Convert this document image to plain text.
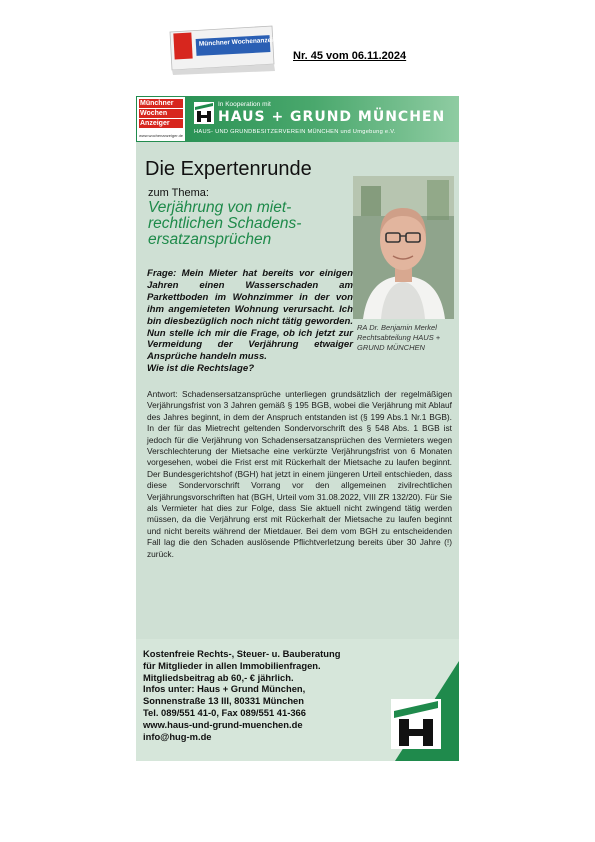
Münchner Wochenanzeiger
Nr. 45 vom 06.11.2024
Münchner
Wochen
Anzeiger
www.wochenanzeiger.de
In Kooperation mit
HAUS + GRUND MÜNCHEN
HAUS- UND GRUNDBESITZERVEREIN MÜNCHEN und Umgebung e.V.
Die Expertenrunde
zum Thema:
Verjährung von miet-rechtlichen Schadens-ersatzansprüchen
RA Dr. Benjamin Merkel Rechtsabteilung HAUS + GRUND MÜNCHEN
Frage: Mein Mieter hat bereits vor einigen Jahren einen Wasserschaden am Parkettboden im Wohnzimmer in der von ihm angemieteten Wohnung verursacht. Ich bin diesbezüglich noch nicht tätig geworden. Nun stelle ich mir die Frage, ob ich jetzt zur Vermeidung der Verjährung etwaiger Ansprüche handeln muss.
Wie ist die Rechtslage?
Antwort: Schadensersatzansprüche unterliegen grundsätzlich der regelmäßigen Verjährungsfrist von 3 Jahren gemäß § 195 BGB, wobei die Verjährung mit Ablauf des Jahres beginnt, in dem der Anspruch entstanden ist (§ 199 Abs.1 Nr.1 BGB). In der für das Mietrecht geltenden Sondervorschrift des § 548 Abs. 1 BGB ist jedoch für die Verjährung von Schadensersatzansprüchen des Vermieters wegen Verschlechterung der Mietsache eine verkürzte Verjährungsfrist von 6 Monaten vorgesehen, wobei die Frist erst mit Rückerhalt der Mietsache zu laufen beginnt. Der Bundesgerichtshof (BGH) hat jetzt in einem jüngeren Urteil entschieden, dass diese Sondervorschrift Vorrang vor den allgemeinen zivilrechtlichen Verjährungsvorschriften hat (BGH, Urteil vom 31.08.2022, VIII ZR 132/20). Für Sie als Vermieter hat dies zur Folge, dass Sie aktuell nicht zwingend tätig werden müssen, da die Verjährung erst mit Rückerhalt der Mietsache zu laufen beginnt und nicht bereits während der Mietdauer. Bei dem vom BGH zu entscheidenden Fall lag die den Schaden auslösende Pflichtverletzung bereits über 30 Jahre (!) zurück.
Kostenfreie Rechts-, Steuer- u. Bauberatung
für Mitglieder in allen Immobilienfragen.
Mitgliedsbeitrag ab 60,- € jährlich.
Infos unter: Haus + Grund München,
Sonnenstraße 13 III, 80331 München
Tel. 089/551 41-0, Fax 089/551 41-366
www.haus-und-grund-muenchen.de
info@hug-m.de
